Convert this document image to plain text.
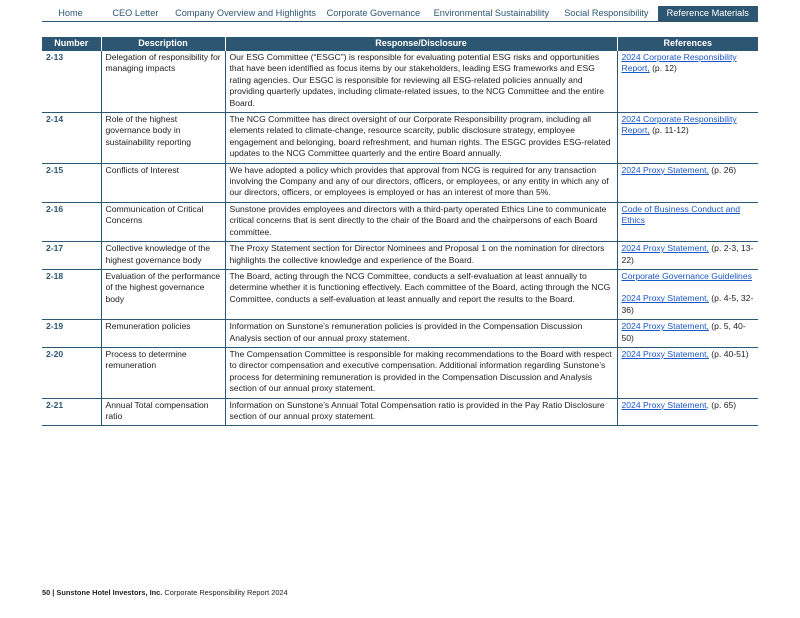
Home	CEO Letter	Company Overview and Highlights	Corporate Governance	Environmental Sustainability	Social Responsibility	Reference Materials
Number	Description	Response/Disclosure	References
2-13	Delegation of responsibility for managing impacts	Our ESG Committee (“ESGC”) is responsible for evaluating potential ESG risks and opportunities that have been identified as focus items by our stakeholders, leading ESG frameworks and ESG rating agencies. Our ESGC is responsible for reviewing all ESG-related policies annually and providing quarterly updates, including climate-related issues, to the NCG Committee and the entire Board.	2024 Corporate Responsibility Report, (p. 12)

2-14	Role of the highest governance body in sustainability reporting	The NCG Committee has direct oversight of our Corporate Responsibility program, including all elements related to climate-change, resource scarcity, public disclosure strategy, employee engagement and belonging, board refreshment, and human rights. The ESGC provides ESG-related updates to the NCG Committee quarterly and the entire Board annually.	2024 Corporate Responsibility Report, (p. 11-12)

2-15	Conflicts of Interest	We have adopted a policy which provides that approval from NCG is required for any transaction involving the Company and any of our directors, officers, or employees, or any entity in which any of our directors, officers, or employees is employed or has an interest of more than 5%.	2024 Proxy Statement, (p. 26)

2-16	Communication of Critical Concerns	Sunstone provides employees and directors with a third-party operated Ethics Line to communicate critical concerns that is sent directly to the chair of the Board and the chairpersons of each Board committee.	Code of Business Conduct and Ethics

2-17	Collective knowledge of the highest governance body	The Proxy Statement section for Director Nominees and Proposal 1 on the nomination for directors highlights the collective knowledge and experience of the Board.	2024 Proxy Statement, (p. 2-3, 13-22)

2-18	Evaluation of the performance of the highest governance body	The Board, acting through the NCG Committee, conducts a self-evaluation at least annually to determine whether it is functioning effectively. Each committee of the Board, acting through the NCG Committee, conducts a self-evaluation at least annually and report the results to the Board.	Corporate Governance Guidelines
2024 Proxy Statement, (p. 4-5, 32-36)

2-19	Remuneration policies	Information on Sunstone’s remuneration policies is provided in the Compensation Discussion Analysis section of our annual proxy statement.	2024 Proxy Statement, (p. 5, 40-50)

2-20	Process to determine remuneration	The Compensation Committee is responsible for making recommendations to the Board with respect to director compensation and executive compensation. Additional information regarding Sunstone’s process for determining remuneration is provided in the Compensation Discussion and Analysis section of our annual proxy statement.	2024 Proxy Statement, (p. 40-51)

2-21	Annual Total compensation ratio	Information on Sunstone’s Annual Total Compensation ratio is provided in the Pay Ratio Disclosure section of our annual proxy statement.	2024 Proxy Statement, (p. 65)
50 | Sunstone Hotel Investors, Inc. Corporate Responsibility Report 2024
